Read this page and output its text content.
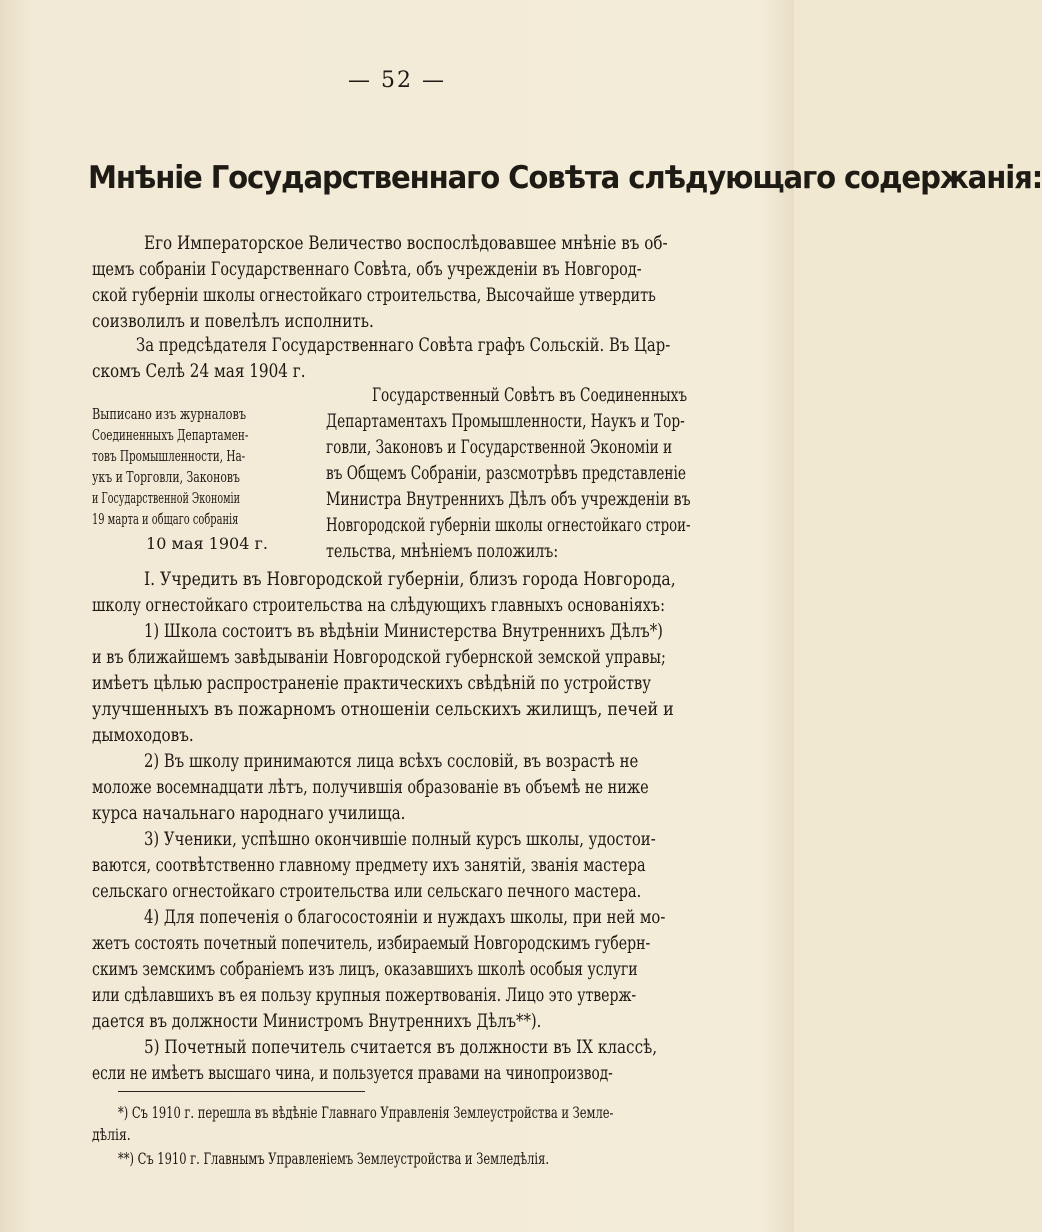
— 52 —
Мнѣніе Государственнаго Совѣта слѣдующаго содержанія:
Его Императорское Величество воспослѣдовавшее мнѣніе въ об-
щемъ собраніи Государственнаго Совѣта, объ учрежденіи въ Новгород-
ской губерніи школы огнестойкаго строительства, Высочайше утвердить
соизволилъ и повелѣлъ исполнить.
За предсѣдателя Государственнаго Совѣта графъ Сольскій. Въ Цар-
скомъ Селѣ 24 мая 1904 г.
Выписано изъ журналовъ
Соединенныхъ Департамен-
товъ Промышленности, На-
укъ и Торговли, Законовъ
и Государственной Экономіи
19 марта и общаго собранія
10 мая 1904 г.
Государственный Совѣтъ въ Соединенныхъ
Департаментахъ Промышленности, Наукъ и Тор-
говли, Законовъ и Государственной Экономіи и
въ Общемъ Собраніи, разсмотрѣвъ представленіе
Министра Внутреннихъ Дѣлъ объ учрежденіи въ
Новгородской губерніи школы огнестойкаго строи-
тельства, мнѣніемъ положилъ:
I. Учредить въ Новгородской губерніи, близъ города Новгорода,
школу огнестойкаго строительства на слѣдующихъ главныхъ основаніяхъ:
1) Школа состоитъ въ вѣдѣніи Министерства Внутреннихъ Дѣлъ*)
и въ ближайшемъ завѣдываніи Новгородской губернской земской управы;
имѣетъ цѣлью распространеніе практическихъ свѣдѣній по устройству
улучшенныхъ въ пожарномъ отношеніи сельскихъ жилищъ, печей и
дымоходовъ.
2) Въ школу принимаются лица всѣхъ сословій, въ возрастѣ не
моложе восемнадцати лѣтъ, получившія образованіе въ объемѣ не ниже
курса начальнаго народнаго училища.
3) Ученики, успѣшно окончившіе полный курсъ школы, удостои-
ваются, соотвѣтственно главному предмету ихъ занятій, званія мастера
сельскаго огнестойкаго строительства или сельскаго печного мастера.
4) Для попеченія о благосостояніи и нуждахъ школы, при ней мо-
жетъ состоять почетный попечитель, избираемый Новгородскимъ губерн-
скимъ земскимъ собраніемъ изъ лицъ, оказавшихъ школѣ особыя услуги
или сдѣлавшихъ въ ея пользу крупныя пожертвованія. Лицо это утверж-
дается въ должности Министромъ Внутреннихъ Дѣлъ**).
5) Почетный попечитель считается въ должности въ IX классѣ,
если не имѣетъ высшаго чина, и пользуется правами на чинопроизвод-
*) Съ 1910 г. перешла въ вѣдѣніе Главнаго Управленія Землеустройства и Земле-
дѣлія.
**) Съ 1910 г. Главнымъ Управленіемъ Землеустройства и Земледѣлія.
